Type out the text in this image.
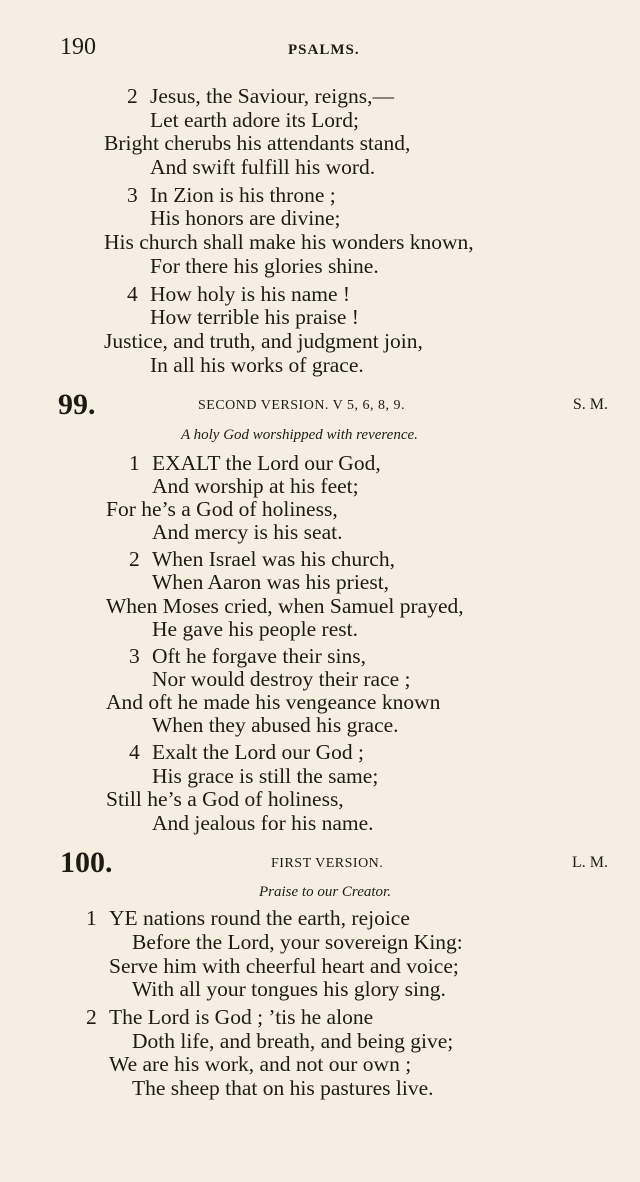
190	PSALMS.
2 Jesus, the Saviour, reigns,—
Let earth adore its Lord;
Bright cherubs his attendants stand,
And swift fulfill his word.
3 In Zion is his throne ;
His honors are divine;
His church shall make his wonders known,
For there his glories shine.
4 How holy is his name !
How terrible his praise !
Justice, and truth, and judgment join,
In all his works of grace.
99.	SECOND VERSION. V 5, 6, 8, 9.	S. M.
A holy God worshipped with reverence.
1 EXALT the Lord our God,
And worship at his feet;
For he’s a God of holiness,
And mercy is his seat.
2 When Israel was his church,
When Aaron was his priest,
When Moses cried, when Samuel prayed,
He gave his people rest.
3 Oft he forgave their sins,
Nor would destroy their race ;
And oft he made his vengeance known
When they abused his grace.
4 Exalt the Lord our God ;
His grace is still the same;
Still he’s a God of holiness,
And jealous for his name.
100.	FIRST VERSION.	L. M.
Praise to our Creator.
1 YE nations round the earth, rejoice
Before the Lord, your sovereign King:
Serve him with cheerful heart and voice;
With all your tongues his glory sing.
2 The Lord is God ; ’tis he alone
Doth life, and breath, and being give;
We are his work, and not our own ;
The sheep that on his pastures live.
